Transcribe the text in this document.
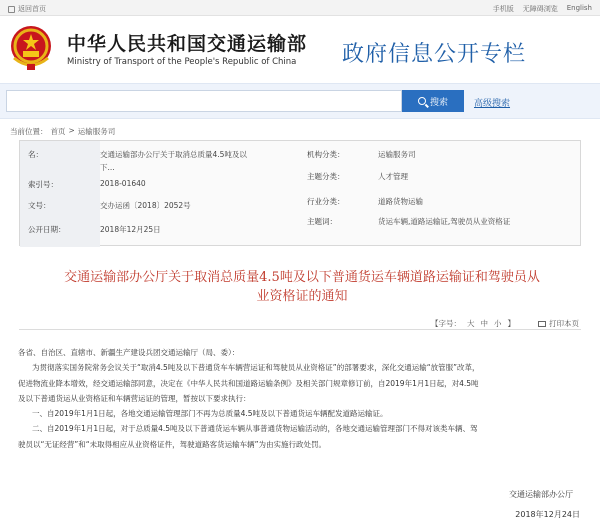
返回首页	手机版 无障碍浏览 English
中华人民共和国交通运输部
Ministry of Transport of the People's Republic of China 政府信息公开专栏
搜索	高级搜索
当前位置： 首页 > 运输服务司
名：	交通运输部办公厅关于取消总质量4.5吨及以
下...
索引号：	2018-01640
文号：	交办运函〔2018〕2052号
公开日期：	2018年12月25日
机构分类：	运输服务司
主题分类：	人才管理
行业分类：	道路货物运输
主题词：	货运车辆,道路运输证,驾驶员从业资格证
交通运输部办公厅关于取消总质量4.5吨及以下普通货运车辆道路运输证和驾驶员从
业资格证的通知
【字号： 大 中 小 】	打印本页

各省、自治区、直辖市、新疆生产建设兵团交通运输厅（局、委）：

为贯彻落实国务院常务会议关于“取消4.5吨及以下普通货车车辆营运证和驾驶员从业资格证”的部署要求，深化交通运输“放管服”改革，

促进物流业降本增效，经交通运输部同意，决定在《中华人民共和国道路运输条例》及相关部门规章修订前，自2019年1月1日起，对4.5吨

及以下普通货运从业资格证和车辆营运证的管理，暂按以下要求执行：

一、自2019年1月1日起，各地交通运输管理部门不再为总质量4.5吨及以下普通货运车辆配发道路运输证。

二、自2019年1月1日起，对于总质量4.5吨及以下普通货运车辆从事普通货物运输活动的，各地交通运输管理部门不得对该类车辆、驾

驶员以“无证经营”和“未取得相应从业资格证件，驾驶道路客货运输车辆”为由实施行政处罚。

交通运输部办公厅
2018年12月24日
